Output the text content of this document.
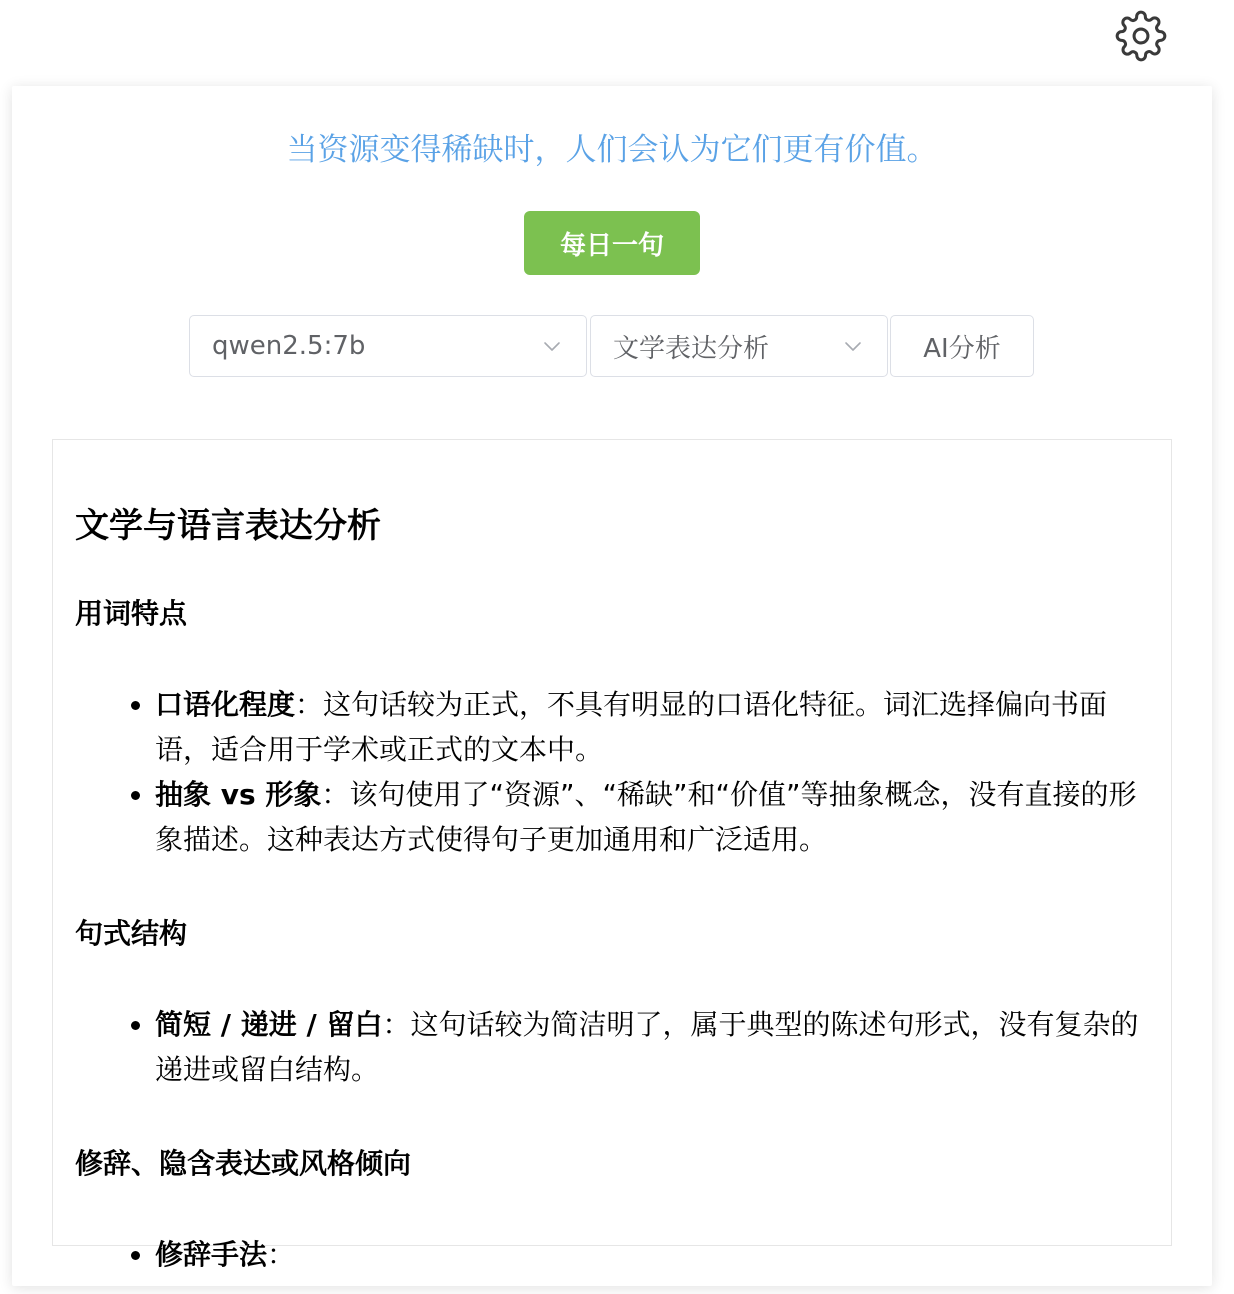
当资源变得稀缺时，人们会认为它们更有价值。
每日一句
qwen2.5:7b	文学表达分析	AI分析
文学与语言表达分析
用词特点
• 口语化程度：这句话较为正式，不具有明显的口语化特征。词汇选择偏向书面语，适合用于学术或正式的文本中。
• 抽象 vs 形象：该句使用了“资源”、“稀缺”和“价值”等抽象概念，没有直接的形象描述。这种表达方式使得句子更加通用和广泛适用。
句式结构
• 简短 / 递进 / 留白：这句话较为简洁明了，属于典型的陈述句形式，没有复杂的递进或留白结构。
修辞、隐含表达或风格倾向
• 修辞手法：
